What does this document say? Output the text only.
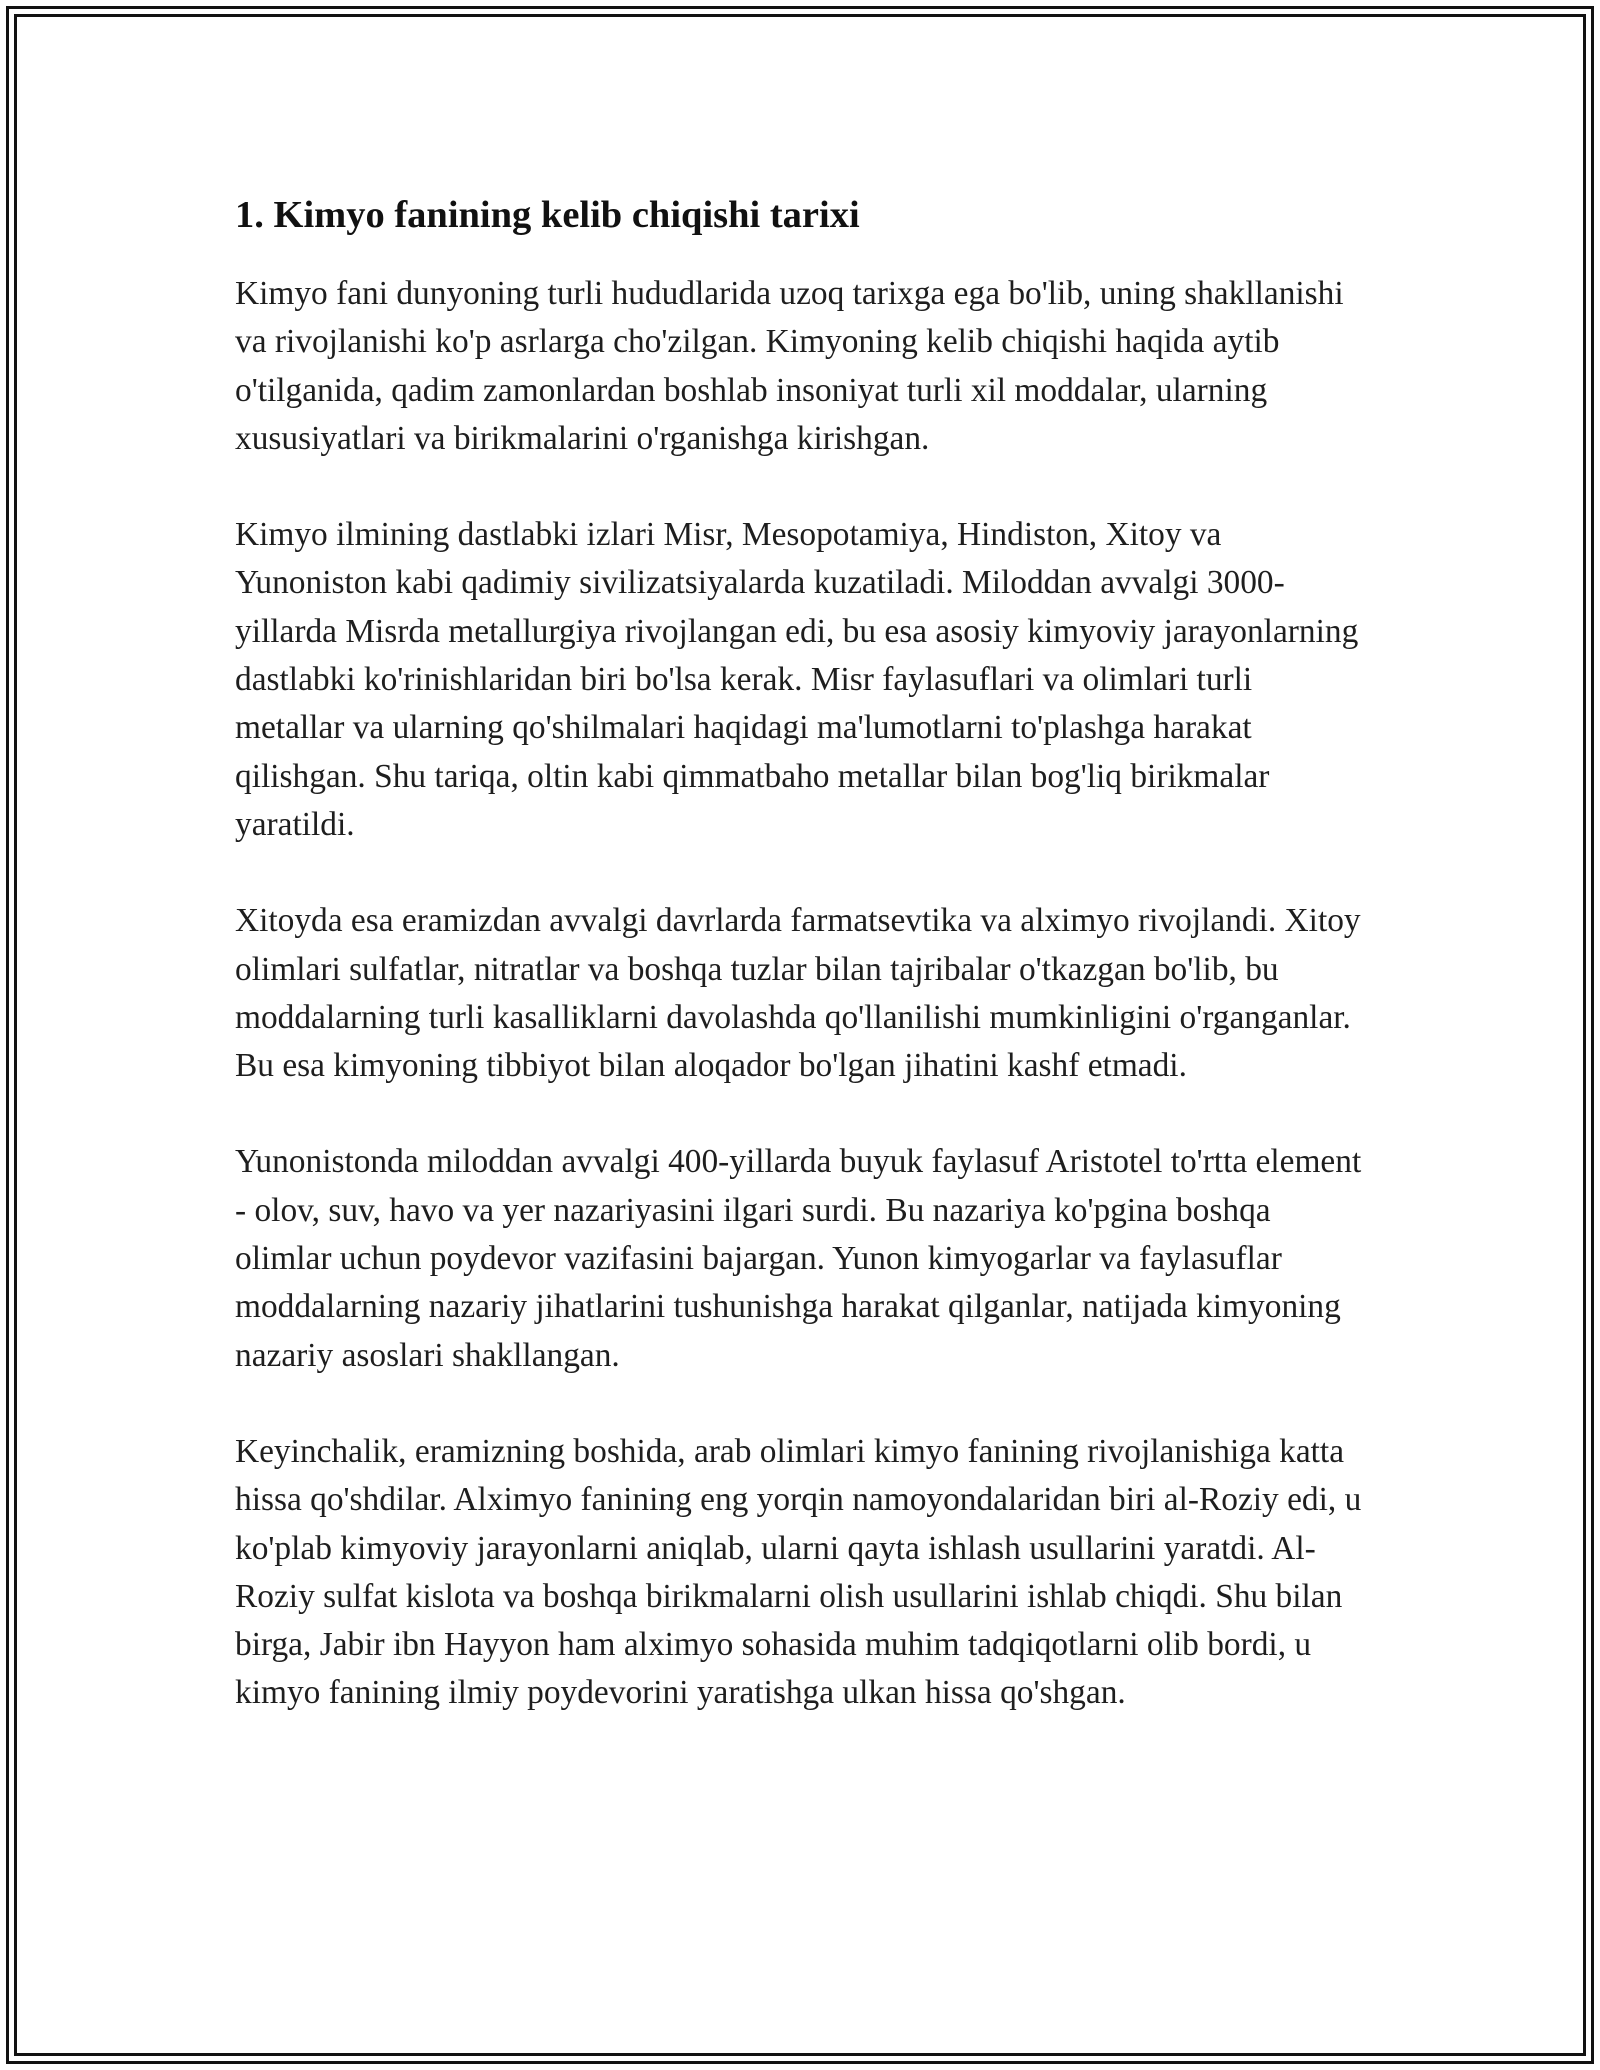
1. Kimyo fanining kelib chiqishi tarixi

Kimyo fani dunyoning turli hududlarida uzoq tarixga ega bo'lib, uning shakllanishi va rivojlanishi ko'p asrlarga cho'zilgan. Kimyoning kelib chiqishi haqida aytib o'tilganida, qadim zamonlardan boshlab insoniyat turli xil moddalar, ularning xususiyatlari va birikmalarini o'rganishga kirishgan.

Kimyo ilmining dastlabki izlari Misr, Mesopotamiya, Hindiston, Xitoy va Yunoniston kabi qadimiy sivilizatsiyalarda kuzatiladi. Miloddan avvalgi 3000-yillarda Misrda metallurgiya rivojlangan edi, bu esa asosiy kimyoviy jarayonlarning dastlabki ko'rinishlaridan biri bo'lsa kerak. Misr faylasuflari va olimlari turli metallar va ularning qo'shilmalari haqidagi ma'lumotlarni to'plashga harakat qilishgan. Shu tariqa, oltin kabi qimmatbaho metallar bilan bog'liq birikmalar yaratildi.

Xitoyda esa eramizdan avvalgi davrlarda farmatsevtika va alximyo rivojlandi. Xitoy olimlari sulfatlar, nitratlar va boshqa tuzlar bilan tajribalar o'tkazgan bo'lib, bu moddalarning turli kasalliklarni davolashda qo'llanilishi mumkinligini o'rganganlar. Bu esa kimyoning tibbiyot bilan aloqador bo'lgan jihatini kashf etmadi.

Yunonistonda miloddan avvalgi 400-yillarda buyuk faylasuf Aristotel to'rtta element - olov, suv, havo va yer nazariyasini ilgari surdi. Bu nazariya ko'pgina boshqa olimlar uchun poydevor vazifasini bajargan. Yunon kimyogarlar va faylasuflar moddalarning nazariy jihatlarini tushunishga harakat qilganlar, natijada kimyoning nazariy asoslari shakllangan.

Keyinchalik, eramizning boshida, arab olimlari kimyo fanining rivojlanishiga katta hissa qo'shdilar. Alximyo fanining eng yorqin namoyondalaridan biri al-Roziy edi, u ko'plab kimyoviy jarayonlarni aniqlab, ularni qayta ishlash usullarini yaratdi. Al-Roziy sulfat kislota va boshqa birikmalarni olish usullarini ishlab chiqdi. Shu bilan birga, Jabir ibn Hayyon ham alximyo sohasida muhim tadqiqotlarni olib bordi, u kimyo fanining ilmiy poydevorini yaratishga ulkan hissa qo'shgan.
